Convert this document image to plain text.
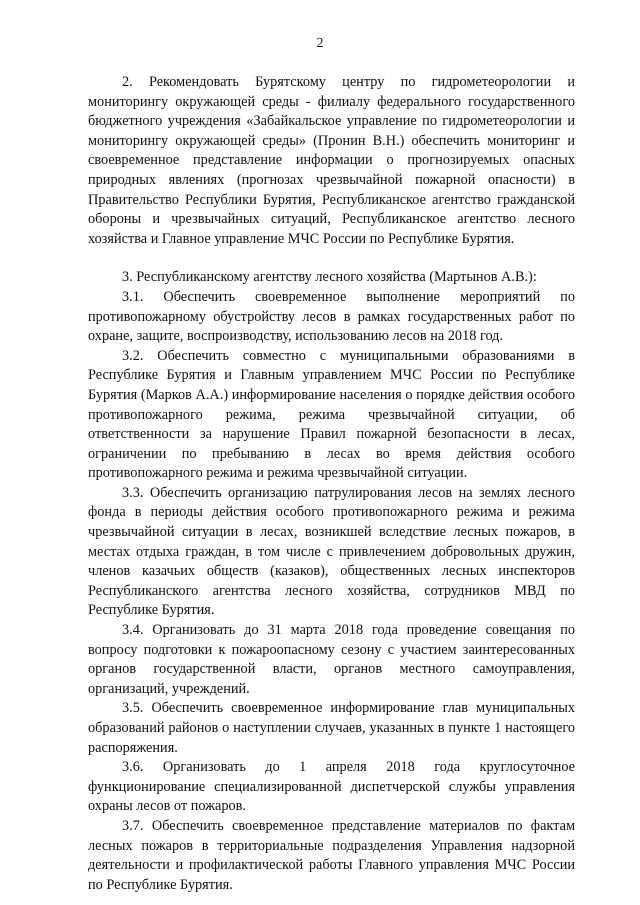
2

2. Рекомендовать Бурятскому центру по гидрометеорологии и мониторингу окружающей среды - филиалу федерального государственного бюджетного учреждения «Забайкальское управление по гидрометеорологии и мониторингу окружающей среды» (Пронин В.Н.) обеспечить мониторинг и своевременное представление информации о прогнозируемых опасных природных явлениях (прогнозах чрезвычайной пожарной опасности) в Правительство Республики Бурятия, Республиканское агентство гражданской обороны и чрезвычайных ситуаций, Республиканское агентство лесного хозяйства и Главное управление МЧС России по Республике Бурятия.

3. Республиканскому агентству лесного хозяйства (Мартынов А.В.):

3.1. Обеспечить своевременное выполнение мероприятий по противопожарному обустройству лесов в рамках государственных работ по охране, защите, воспроизводству, использованию лесов на 2018 год.

3.2. Обеспечить совместно с муниципальными образованиями в Республике Бурятия и Главным управлением МЧС России по Республике Бурятия (Марков А.А.) информирование населения о порядке действия особого противопожарного режима, режима чрезвычайной ситуации, об ответственности за нарушение Правил пожарной безопасности в лесах, ограничении по пребыванию в лесах во время действия особого противопожарного режима и режима чрезвычайной ситуации.

3.3. Обеспечить организацию патрулирования лесов на землях лесного фонда в периоды действия особого противопожарного режима и режима чрезвычайной ситуации в лесах, возникшей вследствие лесных пожаров, в местах отдыха граждан, в том числе с привлечением добровольных дружин, членов казачьих обществ (казаков), общественных лесных инспекторов Республиканского агентства лесного хозяйства, сотрудников МВД по Республике Бурятия.

3.4. Организовать до 31 марта 2018 года проведение совещания по вопросу подготовки к пожароопасному сезону с участием заинтересованных органов государственной власти, органов местного самоуправления, организаций, учреждений.

3.5. Обеспечить своевременное информирование глав муниципальных образований районов о наступлении случаев, указанных в пункте 1 настоящего распоряжения.

3.6. Организовать до 1 апреля 2018 года круглосуточное функционирование специализированной диспетчерской службы управления охраны лесов от пожаров.

3.7. Обеспечить своевременное представление материалов по фактам лесных пожаров в территориальные подразделения Управления надзорной деятельности и профилактической работы Главного управления МЧС России по Республике Бурятия.
